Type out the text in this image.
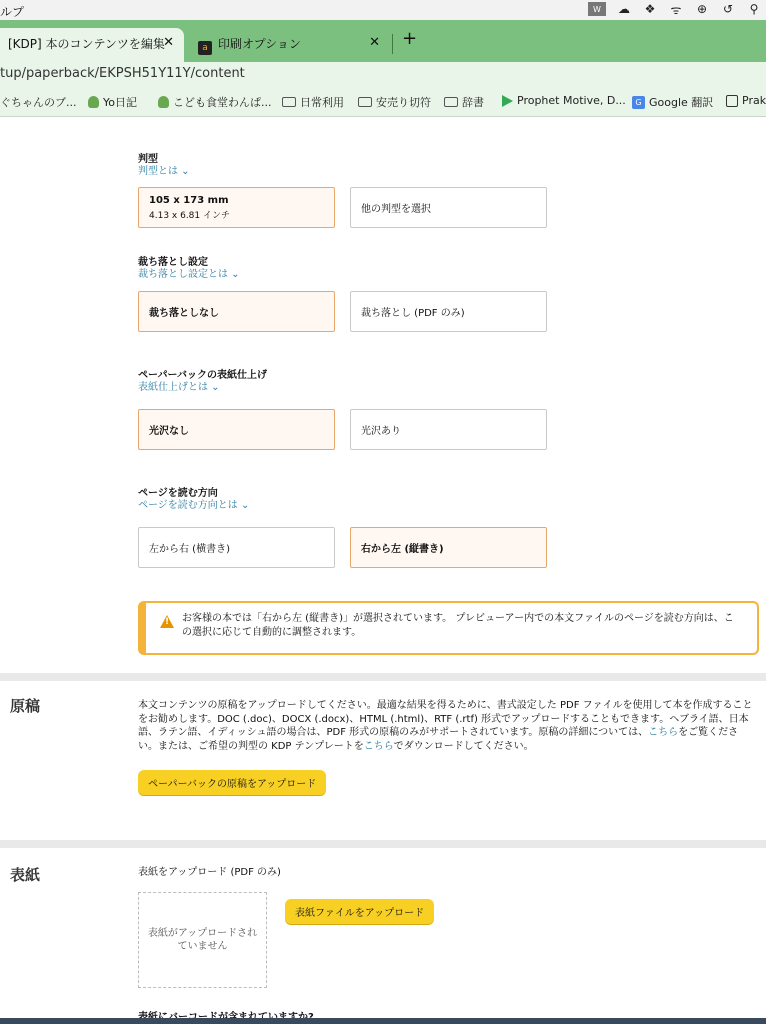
ルプ	W	☁ ❖ ᯤ ⊕ ↺ ⚲
[KDP] 本のコンテンツを編集
✕	a 印刷オプション	✕ +
tup/paperback/EKPSH51Y11Y/content
ぐちゃんのブ... Yo日記	こども食堂わんぱ...	日常利用	安売り切符	辞書	Prophet Motive, D...	G Google 翻訳	Prak
判型
判型とは ⌄
105 x 173 mm
4.13 x 6.81 インチ
他の判型を選択
裁ち落とし設定
裁ち落とし設定とは ⌄
裁ち落としなし	裁ち落とし (PDF のみ)
ペーパーバックの表紙仕上げ
表紙仕上げとは ⌄
光沢なし	光沢あり
ページを読む方向
ページを読む方向とは ⌄
左から右 (横書き)	右から左 (縦書き)
!
お客様の本では「右から左 (縦書き)」が選択されています。 プレビューアー内での本文ファイルのページを読む方向は、この選択に応じて自動的に調整されます。
原稿	本文コンテンツの原稿をアップロードしてください。最適な結果を得るために、書式設定した PDF ファイルを使用して本を作成することをお勧めします。DOC (.doc)、DOCX (.docx)、HTML (.html)、RTF (.rtf) 形式でアップロードすることもできます。ヘブライ語、日本語、ラテン語、イディッシュ語の場合は、PDF 形式の原稿のみがサポートされています。原稿の詳細については、こちらをご覧ください。または、ご希望の判型の KDP テンプレートをこちらでダウンロードしてください。
ペーパーバックの原稿をアップロード
表紙	表紙をアップロード (PDF のみ)
表紙がアップロードされていません
表紙ファイルをアップロード
